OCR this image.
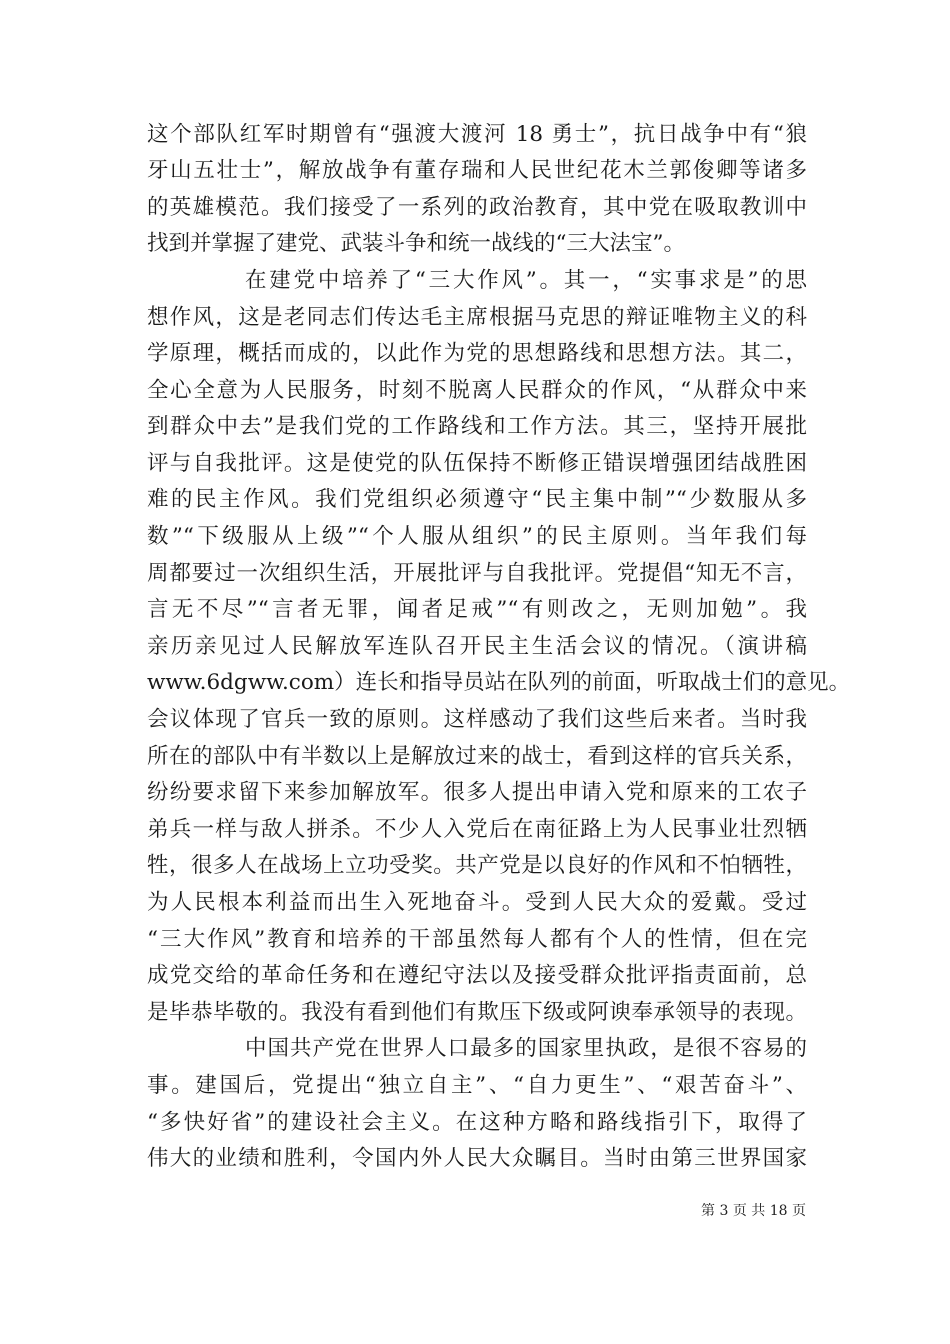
这个部队红军时期曾有“强渡大渡河 18 勇士”，抗日战争中有“狼
牙山五壮士”，解放战争有董存瑞和人民世纪花木兰郭俊卿等诸多
的英雄模范。我们接受了一系列的政治教育，其中党在吸取教训中
找到并掌握了建党、武装斗争和统一战线的“三大法宝”。
在建党中培养了“三大作风”。其一，“实事求是”的思
想作风，这是老同志们传达毛主席根据马克思的辩证唯物主义的科
学原理，概括而成的，以此作为党的思想路线和思想方法。其二，
全心全意为人民服务，时刻不脱离人民群众的作风，“从群众中来
到群众中去”是我们党的工作路线和工作方法。其三，坚持开展批
评与自我批评。这是使党的队伍保持不断修正错误增强团结战胜困
难的民主作风。我们党组织必须遵守“民主集中制”“少数服从多
数”“下级服从上级”“个人服从组织”的民主原则。当年我们每
周都要过一次组织生活，开展批评与自我批评。党提倡“知无不言，
言无不尽”“言者无罪，闻者足戒”“有则改之，无则加勉”。我
亲历亲见过人民解放军连队召开民主生活会议的情况。（演讲稿
www.6dgww.com）连长和指导员站在队列的前面，听取战士们的意见。
会议体现了官兵一致的原则。这样感动了我们这些后来者。当时我
所在的部队中有半数以上是解放过来的战士，看到这样的官兵关系，
纷纷要求留下来参加解放军。很多人提出申请入党和原来的工农子
弟兵一样与敌人拼杀。不少人入党后在南征路上为人民事业壮烈牺
牲，很多人在战场上立功受奖。共产党是以良好的作风和不怕牺牲，
为人民根本利益而出生入死地奋斗。受到人民大众的爱戴。受过
“三大作风”教育和培养的干部虽然每人都有个人的性情，但在完
成党交给的革命任务和在遵纪守法以及接受群众批评指责面前，总
是毕恭毕敬的。我没有看到他们有欺压下级或阿谀奉承领导的表现。
中国共产党在世界人口最多的国家里执政，是很不容易的
事。建国后，党提出“独立自主”、“自力更生”、“艰苦奋斗”、
“多快好省”的建设社会主义。在这种方略和路线指引下，取得了
伟大的业绩和胜利，令国内外人民大众瞩目。当时由第三世界国家
第 3 页 共 18 页
